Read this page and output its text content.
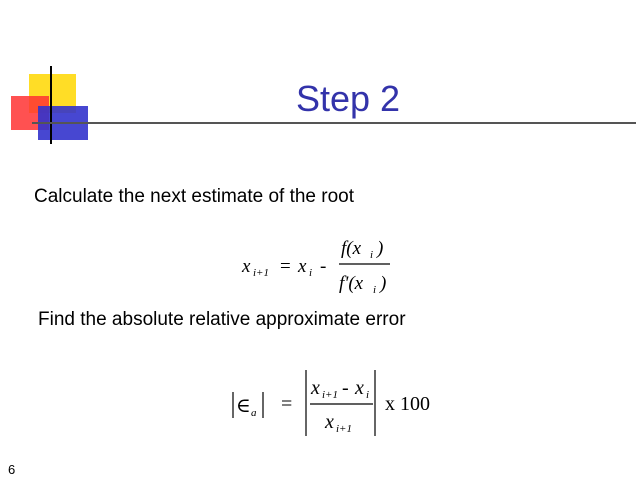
Step 2
Calculate the next estimate of the root
x i+1 = x i -
f(x i )
f'(x i )
Find the absolute relative approximate error
∈ a =
x i+1 - x i
x i+1
x 100
6
